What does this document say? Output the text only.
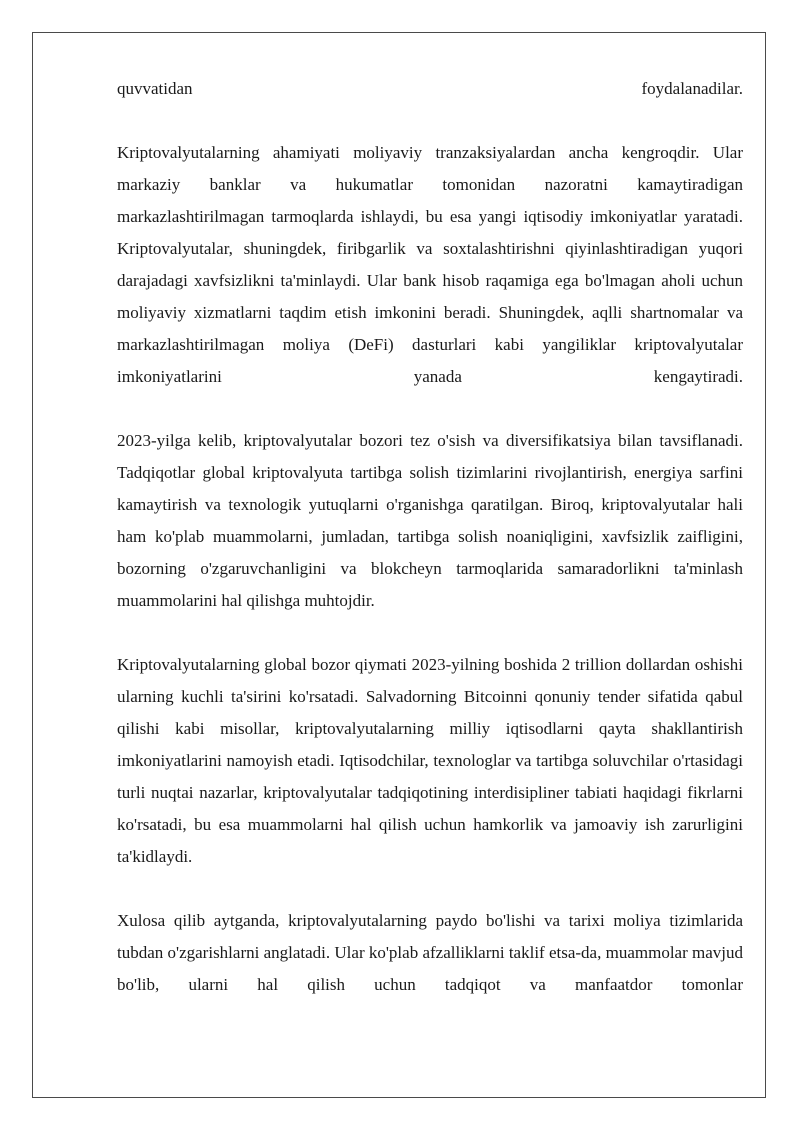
quvvatidan foydalanadilar.

Kriptovalyutalarning ahamiyati moliyaviy tranzaksiyalardan ancha kengroqdir. Ular markaziy banklar va hukumatlar tomonidan nazoratni kamaytiradigan markazlashtirilmagan tarmoqlarda ishlaydi, bu esa yangi iqtisodiy imkoniyatlar yaratadi. Kriptovalyutalar, shuningdek, firibgarlik va soxtalashtirishni qiyinlashtiradigan yuqori darajadagi xavfsizlikni ta'minlaydi. Ular bank hisob raqamiga ega bo'lmagan aholi uchun moliyaviy xizmatlarni taqdim etish imkonini beradi. Shuningdek, aqlli shartnomalar va markazlashtirilmagan moliya (DeFi) dasturlari kabi yangiliklar kriptovalyutalar imkoniyatlarini yanada kengaytiradi.

2023-yilga kelib, kriptovalyutalar bozori tez o'sish va diversifikatsiya bilan tavsiflanadi. Tadqiqotlar global kriptovalyuta tartibga solish tizimlarini rivojlantirish, energiya sarfini kamaytirish va texnologik yutuqlarni o'rganishga qaratilgan. Biroq, kriptovalyutalar hali ham ko'plab muammolarni, jumladan, tartibga solish noaniqligini, xavfsizlik zaifligini, bozorning o'zgaruvchanligini va blokcheyn tarmoqlarida samaradorlikni ta'minlash muammolarini hal qilishga muhtojdir.

Kriptovalyutalarning global bozor qiymati 2023-yilning boshida 2 trillion dollardan oshishi ularning kuchli ta'sirini ko'rsatadi. Salvadorning Bitcoinni qonuniy tender sifatida qabul qilishi kabi misollar, kriptovalyutalarning milliy iqtisodlarni qayta shakllantirish imkoniyatlarini namoyish etadi. Iqtisodchilar, texnologlar va tartibga soluvchilar o'rtasidagi turli nuqtai nazarlar, kriptovalyutalar tadqiqotining interdisipliner tabiati haqidagi fikrlarni ko'rsatadi, bu esa muammolarni hal qilish uchun hamkorlik va jamoaviy ish zarurligini ta'kidlaydi.

Xulosa qilib aytganda, kriptovalyutalarning paydo bo'lishi va tarixi moliya tizimlarida tubdan o'zgarishlarni anglatadi. Ular ko'plab afzalliklarni taklif etsa-da, muammolar mavjud bo'lib, ularni hal qilish uchun tadqiqot va manfaatdor tomonlar
